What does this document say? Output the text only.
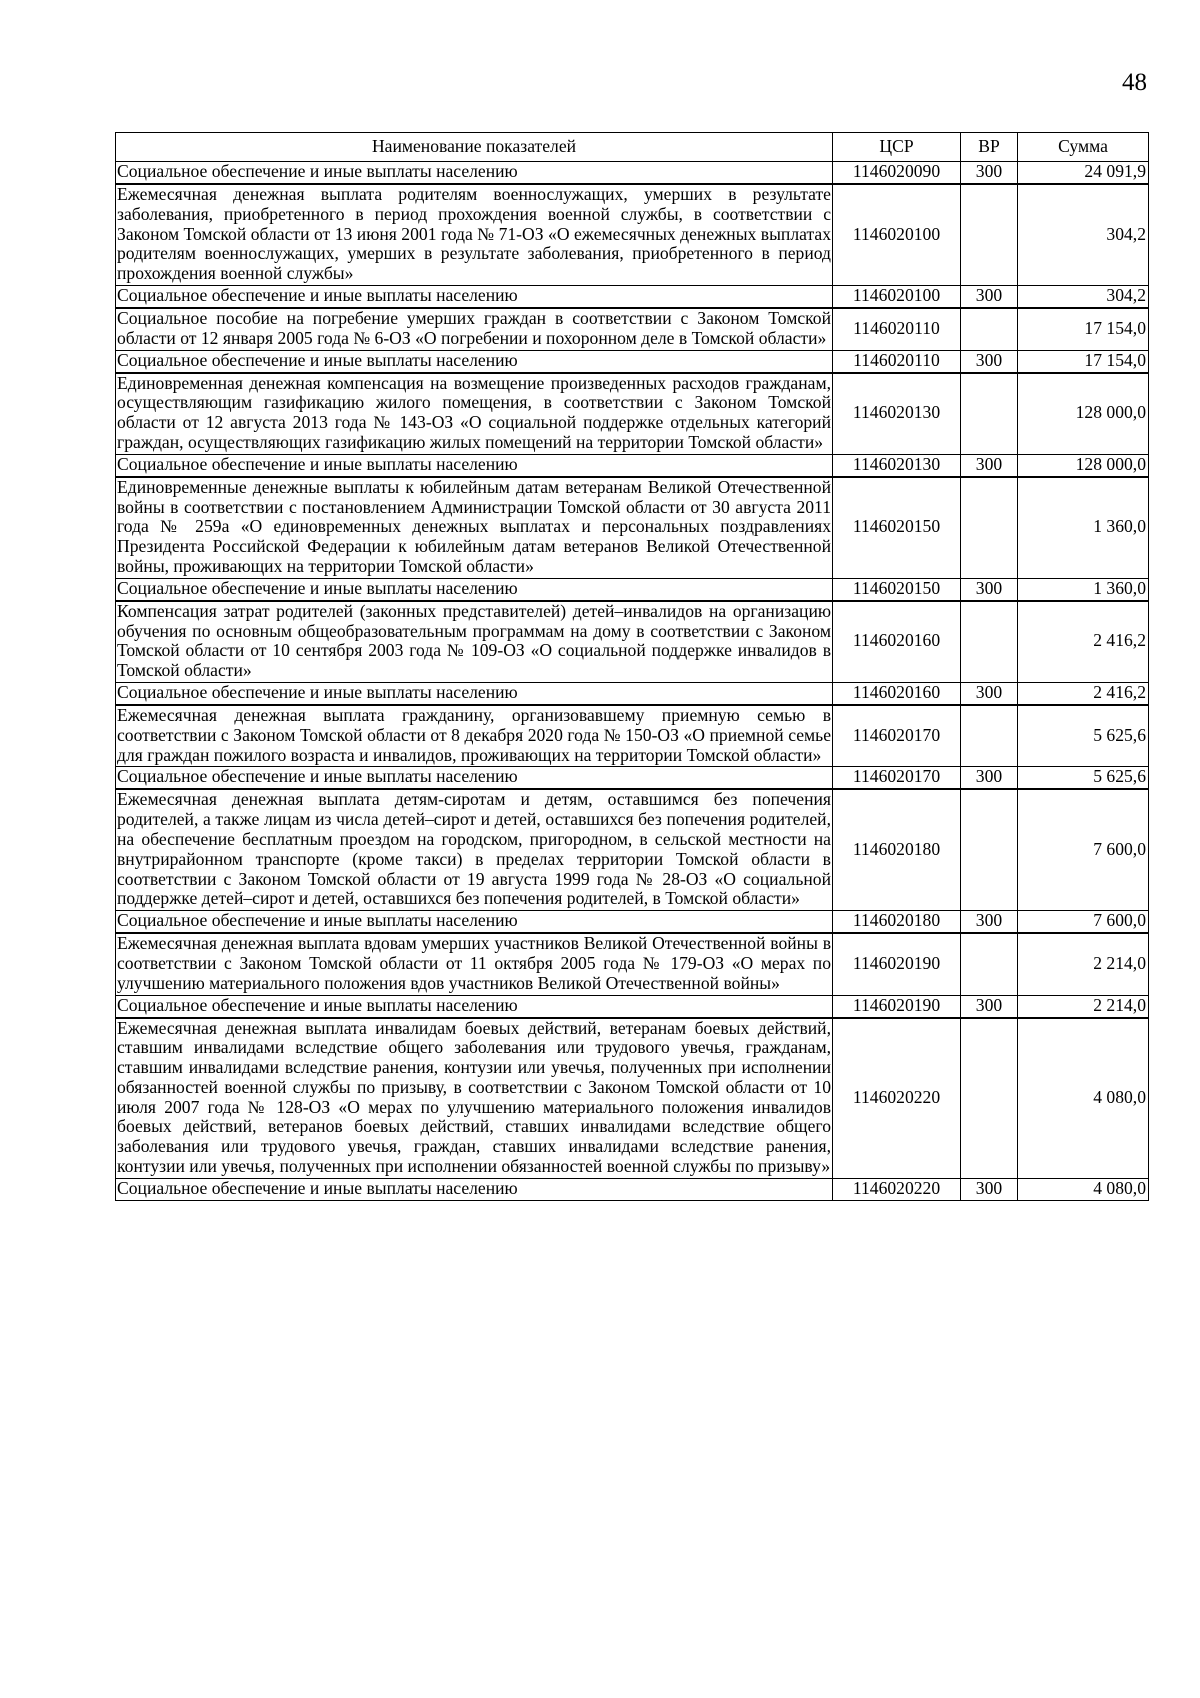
48
Наименование показателей	ЦСР	ВР	Сумма
Социальное обеспечение и иные выплаты населению	1146020090	300	24 091,9
Ежемесячная денежная выплата родителям военнослужащих, умерших в результате заболевания, приобретенного в период прохождения военной службы, в соответствии с Законом Томской области от 13 июня 2001 года № 71-ОЗ «О ежемесячных денежных выплатах родителям военнослужащих, умерших в результате заболевания, приобретенного в период прохождения военной службы»	1146020100		304,2
Социальное обеспечение и иные выплаты населению	1146020100	300	304,2
Социальное пособие на погребение умерших граждан в соответствии с Законом Томской области от 12 января 2005 года № 6-ОЗ «О погребении и похоронном деле в Томской области»	1146020110		17 154,0
Социальное обеспечение и иные выплаты населению	1146020110	300	17 154,0
Единовременная денежная компенсация на возмещение произведенных расходов гражданам, осуществляющим газификацию жилого помещения, в соответствии с Законом Томской области от 12 августа 2013 года № 143-ОЗ «О социальной поддержке отдельных категорий граждан, осуществляющих газификацию жилых помещений на территории Томской области»	1146020130		128 000,0
Социальное обеспечение и иные выплаты населению	1146020130	300	128 000,0
Единовременные денежные выплаты к юбилейным датам ветеранам Великой Отечественной войны в соответствии с постановлением Администрации Томской области от 30 августа 2011 года № 259а «О единовременных денежных выплатах и персональных поздравлениях Президента Российской Федерации к юбилейным датам ветеранов Великой Отечественной войны, проживающих на территории Томской области»	1146020150		1 360,0
Социальное обеспечение и иные выплаты населению	1146020150	300	1 360,0
Компенсация затрат родителей (законных представителей) детей–инвалидов на организацию обучения по основным общеобразовательным программам на дому в соответствии с Законом Томской области от 10 сентября 2003 года № 109-ОЗ «О социальной поддержке инвалидов в Томской области»	1146020160		2 416,2
Социальное обеспечение и иные выплаты населению	1146020160	300	2 416,2
Ежемесячная денежная выплата гражданину, организовавшему приемную семью в соответствии с Законом Томской области от 8 декабря 2020 года № 150-ОЗ «О приемной семье для граждан пожилого возраста и инвалидов, проживающих на территории Томской области»	1146020170		5 625,6
Социальное обеспечение и иные выплаты населению	1146020170	300	5 625,6
Ежемесячная денежная выплата детям-сиротам и детям, оставшимся без попечения родителей, а также лицам из числа детей–сирот и детей, оставшихся без попечения родителей, на обеспечение бесплатным проездом на городском, пригородном, в сельской местности на внутрирайонном транспорте (кроме такси) в пределах территории Томской области в соответствии с Законом Томской области от 19 августа 1999 года № 28-ОЗ «О социальной поддержке детей–сирот и детей, оставшихся без попечения родителей, в Томской области»	1146020180		7 600,0
Социальное обеспечение и иные выплаты населению	1146020180	300	7 600,0
Ежемесячная денежная выплата вдовам умерших участников Великой Отечественной войны в соответствии с Законом Томской области от 11 октября 2005 года № 179-ОЗ «О мерах по улучшению материального положения вдов участников Великой Отечественной войны»	1146020190		2 214,0
Социальное обеспечение и иные выплаты населению	1146020190	300	2 214,0
Ежемесячная денежная выплата инвалидам боевых действий, ветеранам боевых действий, ставшим инвалидами вследствие общего заболевания или трудового увечья, гражданам, ставшим инвалидами вследствие ранения, контузии или увечья, полученных при исполнении обязанностей военной службы по призыву, в соответствии с Законом Томской области от 10 июля 2007 года № 128-ОЗ «О мерах по улучшению материального положения инвалидов боевых действий, ветеранов боевых действий, ставших инвалидами вследствие общего заболевания или трудового увечья, граждан, ставших инвалидами вследствие ранения, контузии или увечья, полученных при исполнении обязанностей военной службы по призыву»	1146020220		4 080,0
Социальное обеспечение и иные выплаты населению	1146020220	300	4 080,0
